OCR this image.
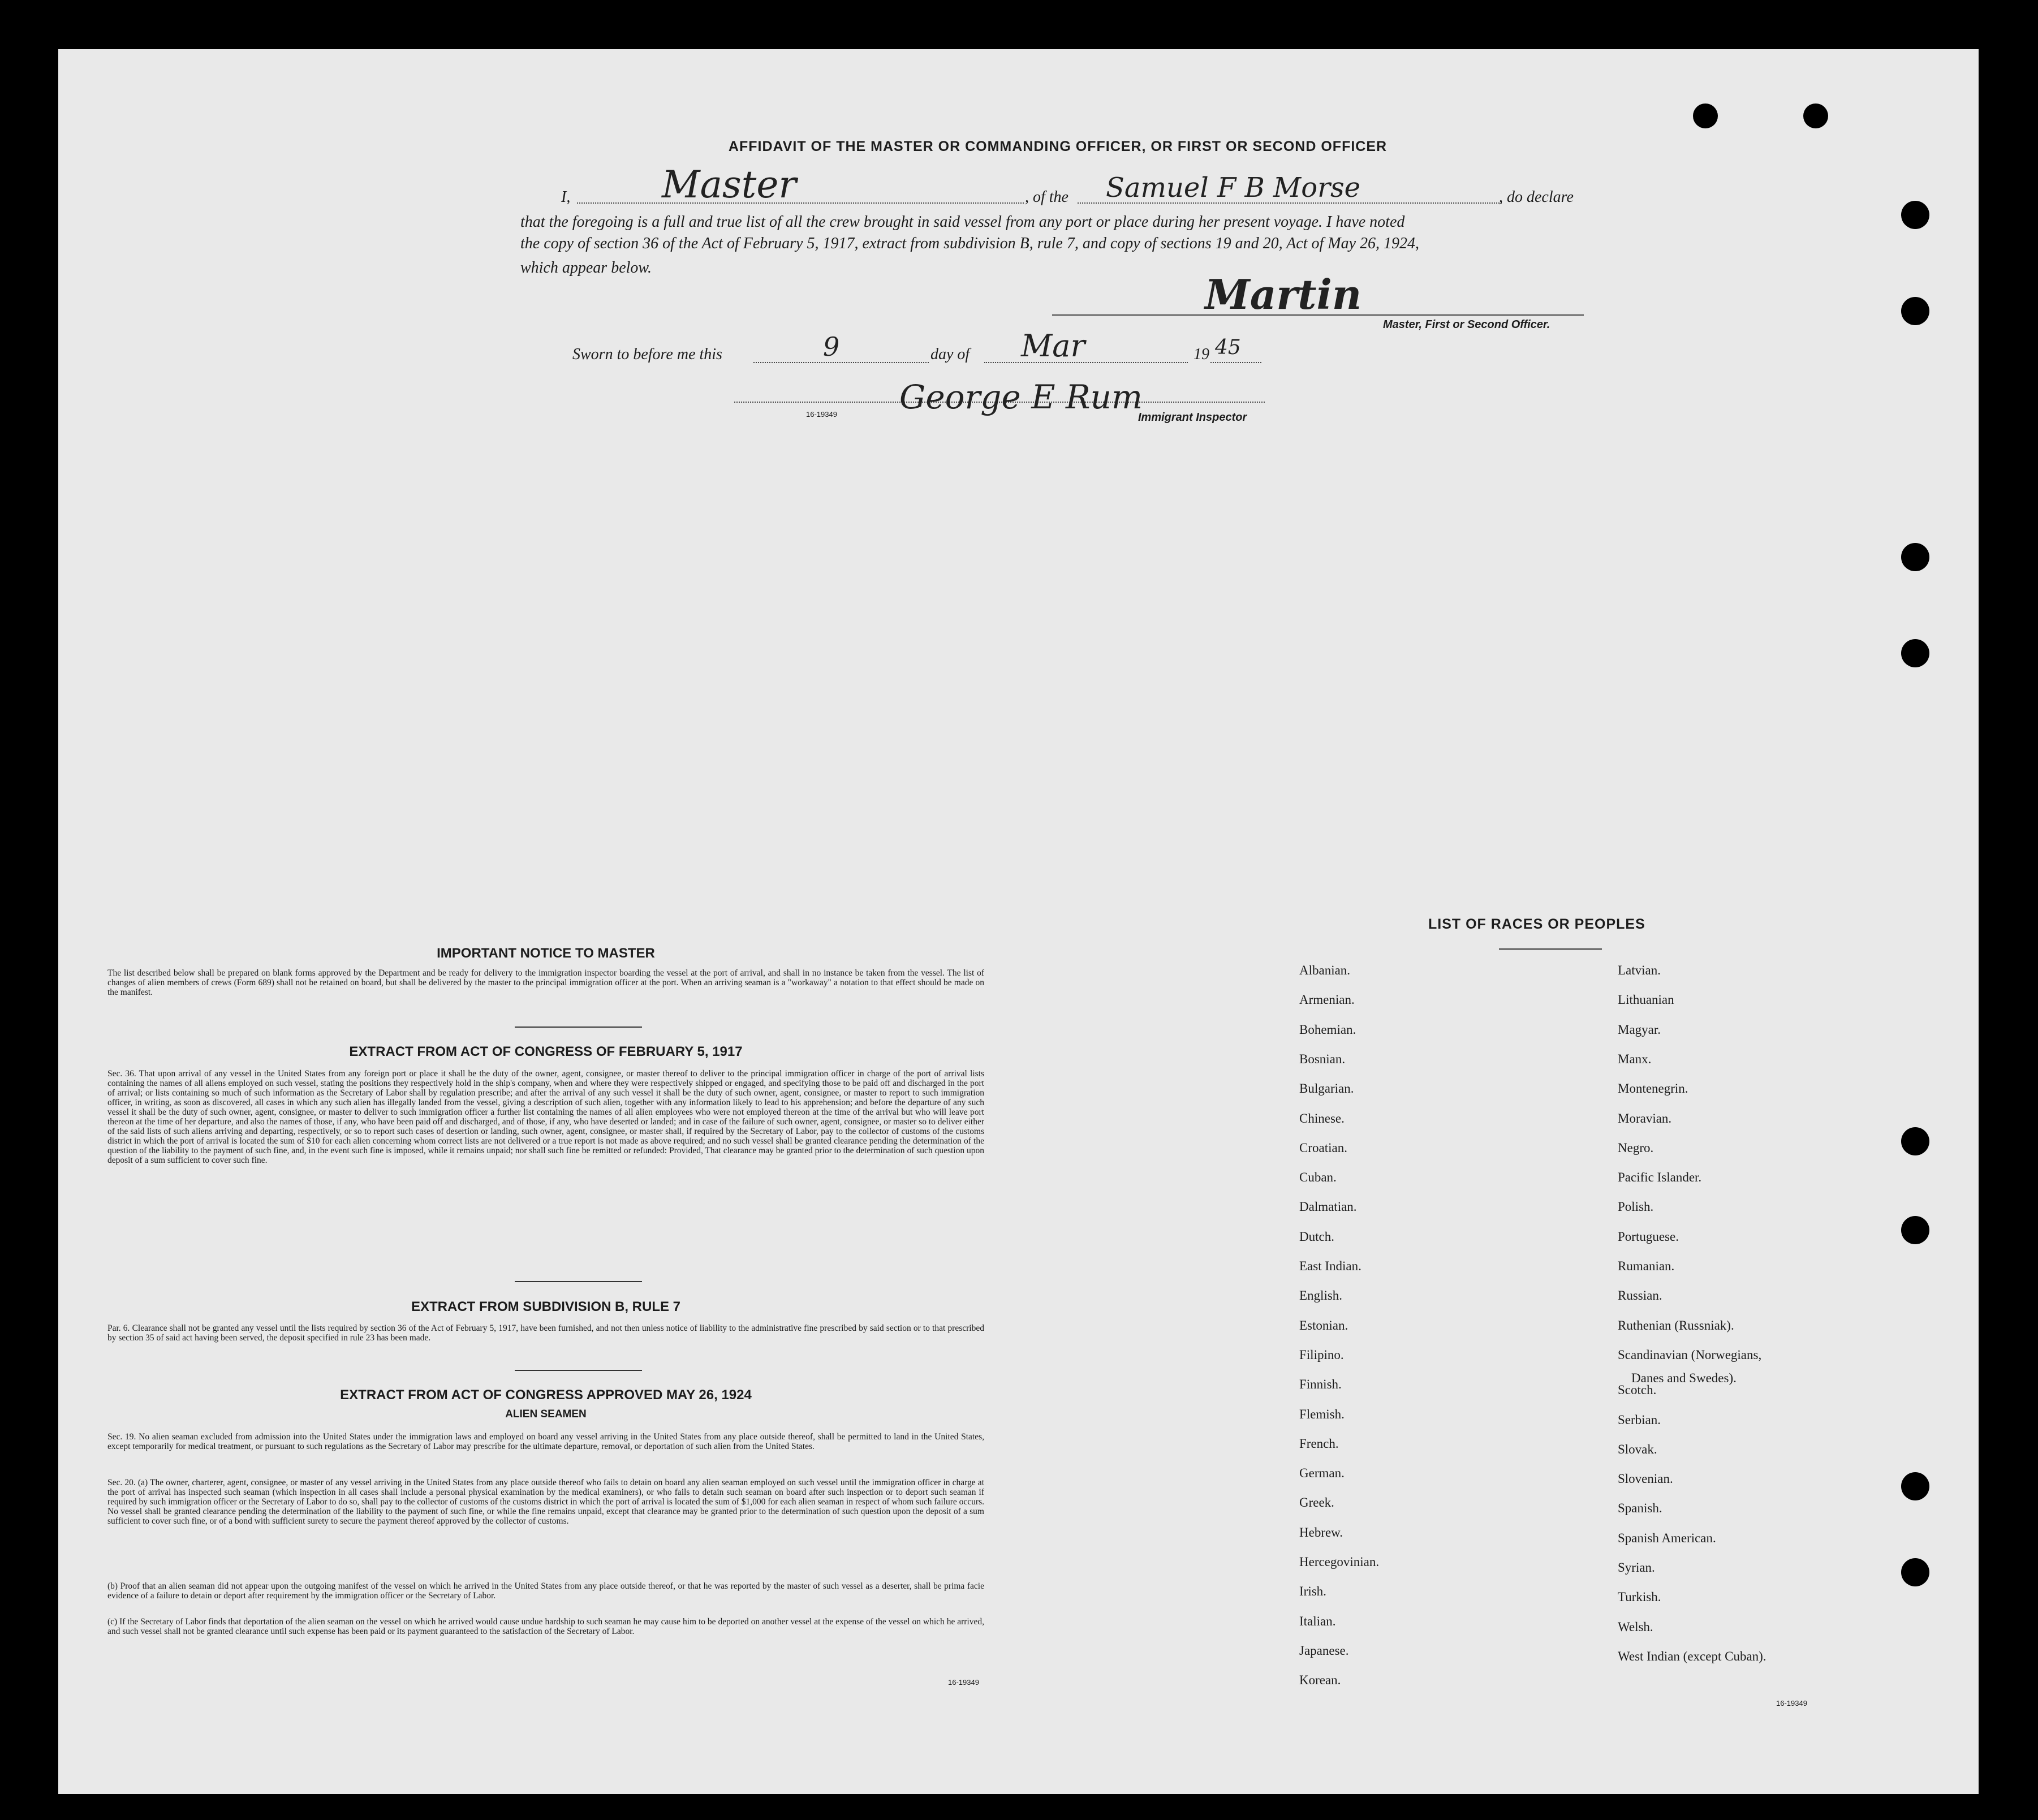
AFFIDAVIT OF THE MASTER OR COMMANDING OFFICER, OR FIRST OR SECOND OFFICER
I, Master	, of the Samuel F B Morse	, do declare
that the foregoing is a full and true list of all the crew brought in said vessel from any port or place during her present voyage. I have noted
the copy of section 36 of the Act of February 5, 1917, extract from subdivision B, rule 7, and copy of sections 19 and 20, Act of May 26, 1924,
which appear below.
Martin
Master, First or Second Officer.
Sworn to before me this	9	day of Mar	19 45
George E Rum
16-19349	Immigrant Inspector
IMPORTANT NOTICE TO MASTER
The list described below shall be prepared on blank forms approved by the Department and be ready for delivery to the immigration inspector boarding the vessel at the port of arrival, and shall in no instance be taken from the vessel. The list of changes of alien members of crews (Form 689) shall not be retained on board, but shall be delivered by the master to the principal immigration officer at the port. When an arriving seaman is a "workaway" a notation to that effect should be made on the manifest.
EXTRACT FROM ACT OF CONGRESS OF FEBRUARY 5, 1917
Sec. 36. That upon arrival of any vessel in the United States from any foreign port or place it shall be the duty of the owner, agent, consignee, or master thereof to deliver to the principal immigration officer in charge of the port of arrival lists containing the names of all aliens employed on such vessel, stating the positions they respectively hold in the ship's company, when and where they were respectively shipped or engaged, and specifying those to be paid off and discharged in the port of arrival; or lists containing so much of such information as the Secretary of Labor shall by regulation prescribe; and after the arrival of any such vessel it shall be the duty of such owner, agent, consignee, or master to report to such immigration officer, in writing, as soon as discovered, all cases in which any such alien has illegally landed from the vessel, giving a description of such alien, together with any information likely to lead to his apprehension; and before the departure of any such vessel it shall be the duty of such owner, agent, consignee, or master to deliver to such immigration officer a further list containing the names of all alien employees who were not employed thereon at the time of the arrival but who will leave port thereon at the time of her departure, and also the names of those, if any, who have been paid off and discharged, and of those, if any, who have deserted or landed; and in case of the failure of such owner, agent, consignee, or master so to deliver either of the said lists of such aliens arriving and departing, respectively, or so to report such cases of desertion or landing, such owner, agent, consignee, or master shall, if required by the Secretary of Labor, pay to the collector of customs of the customs district in which the port of arrival is located the sum of $10 for each alien concerning whom correct lists are not delivered or a true report is not made as above required; and no such vessel shall be granted clearance pending the determination of the question of the liability to the payment of such fine, and, in the event such fine is imposed, while it remains unpaid; nor shall such fine be remitted or refunded: Provided, That clearance may be granted prior to the determination of such question upon deposit of a sum sufficient to cover such fine.
EXTRACT FROM SUBDIVISION B, RULE 7
Par. 6. Clearance shall not be granted any vessel until the lists required by section 36 of the Act of February 5, 1917, have been furnished, and not then unless notice of liability to the administrative fine prescribed by said section or to that prescribed by section 35 of said act having been served, the deposit specified in rule 23 has been made.
EXTRACT FROM ACT OF CONGRESS APPROVED MAY 26, 1924
ALIEN SEAMEN
Sec. 19. No alien seaman excluded from admission into the United States under the immigration laws and employed on board any vessel arriving in the United States from any place outside thereof, shall be permitted to land in the United States, except temporarily for medical treatment, or pursuant to such regulations as the Secretary of Labor may prescribe for the ultimate departure, removal, or deportation of such alien from the United States.
Sec. 20. (a) The owner, charterer, agent, consignee, or master of any vessel arriving in the United States from any place outside thereof who fails to detain on board any alien seaman employed on such vessel until the immigration officer in charge at the port of arrival has inspected such seaman (which inspection in all cases shall include a personal physical examination by the medical examiners), or who fails to detain such seaman on board after such inspection or to deport such seaman if required by such immigration officer or the Secretary of Labor to do so, shall pay to the collector of customs of the customs district in which the port of arrival is located the sum of $1,000 for each alien seaman in respect of whom such failure occurs. No vessel shall be granted clearance pending the determination of the liability to the payment of such fine, or while the fine remains unpaid, except that clearance may be granted prior to the determination of such question upon the deposit of a sum sufficient to cover such fine, or of a bond with sufficient surety to secure the payment thereof approved by the collector of customs.
(b) Proof that an alien seaman did not appear upon the outgoing manifest of the vessel on which he arrived in the United States from any place outside thereof, or that he was reported by the master of such vessel as a deserter, shall be prima facie evidence of a failure to detain or deport after requirement by the immigration officer or the Secretary of Labor.
(c) If the Secretary of Labor finds that deportation of the alien seaman on the vessel on which he arrived would cause undue hardship to such seaman he may cause him to be deported on another vessel at the expense of the vessel on which he arrived, and such vessel shall not be granted clearance until such expense has been paid or its payment guaranteed to the satisfaction of the Secretary of Labor.
16-19349
LIST OF RACES OR PEOPLES
Albanian.
Armenian.
Bohemian.
Bosnian.
Bulgarian.
Chinese.
Croatian.
Cuban.
Dalmatian.
Dutch.
East Indian.
English.
Estonian.
Filipino.
Finnish.
Flemish.
French.
German.
Greek.
Hebrew.
Hercegovinian.
Irish.
Italian.
Japanese.
Korean.
Latvian.
Lithuanian
Magyar.
Manx.
Montenegrin.
Moravian.
Negro.
Pacific Islander.
Polish.
Portuguese.
Rumanian.
Russian.
Ruthenian (Russniak).
Scandinavian (Norwegians,
Scotch.
Serbian.
Slovak.
Slovenian.
Spanish.
Spanish American.
Syrian.
Turkish.
Welsh.
West Indian (except Cuban).
Danes and Swedes).
16-19349
